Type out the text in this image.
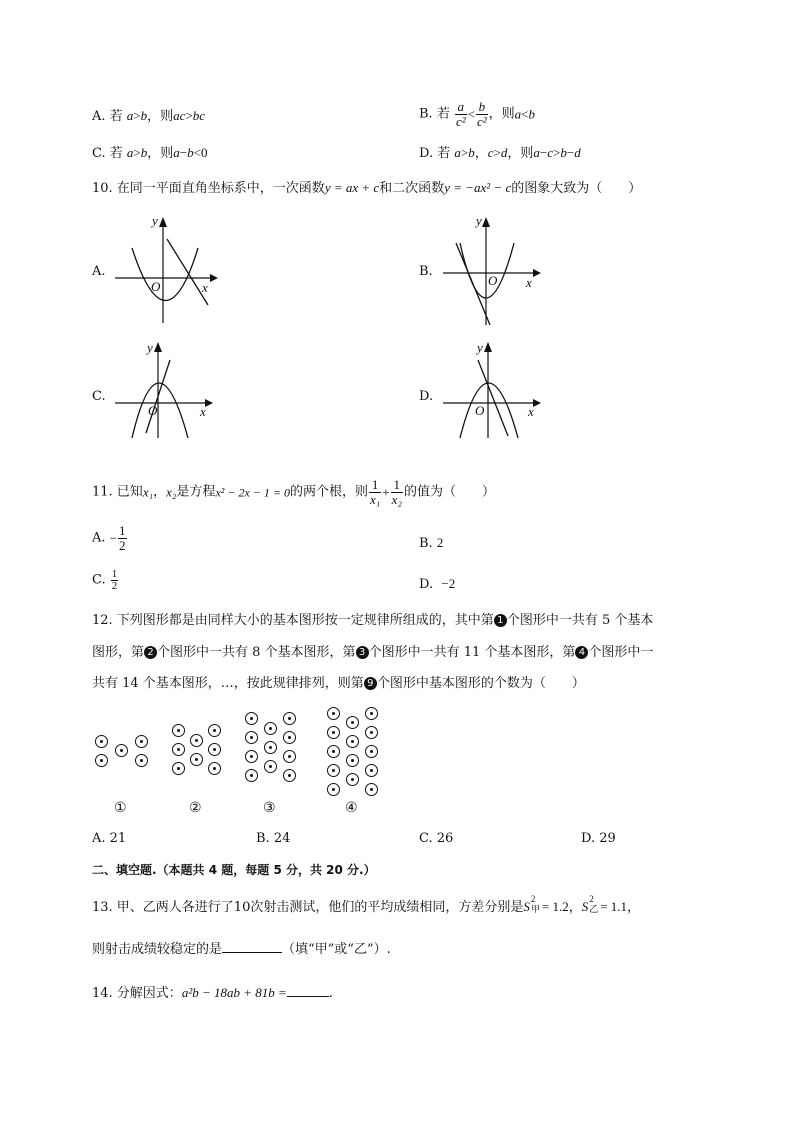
A. 若 a>b，则ac>bc	B. 若 $\frac{a}{\text{c²}} < \frac{b}{\text{c²}}$ ，则a<b
C. 若 a>b，则a−b<0	D. 若 a>b，c>d，则a−c>b−d
10. 在同一平面直角坐标系中，一次函数y = ax + c和二次函数y = −ax² − c的图象大致为（　　）
A.	B.
C.	D.
y
x
O
y
x
O
y
x
O
y
x
O
11. 已知x₁，x₂是方程x² − 2x − 1 = 0的两个根，则 $\frac{1}{\text{x₁}} + \frac{1}{\text{x₂}}$ 的值为（　　）
A. − $\frac{1}{2}$	B. 2
C. $\frac{1}{2}$	D. −2
12. 下列图形都是由同样大小的基本图形按一定规律所组成的，其中第 1 个图形中一共有 5 个基本
图形，第 2 个图形中一共有 8 个基本图形，第 3 个图形中一共有 11 个基本图形，第 4 个图形中一
共有 14 个基本图形，…，按此规律排列，则第 9 个图形中基本图形的个数为（　　）
①	②	③	④
A. 21	B. 24	C. 26	D. 29
二、填空题.（本题共 4 题，每题 5 分，共 20 分.）
13. 甲、乙两人各进行了10次射击测试，他们的平均成绩相同，方差分别是S 2
甲 = 1.2，S 2
乙 = 1.1，
则射击成绩较稳定的是	（填“甲”或“乙”）.
14. 分解因式：a²b − 18ab + 81b =	.
